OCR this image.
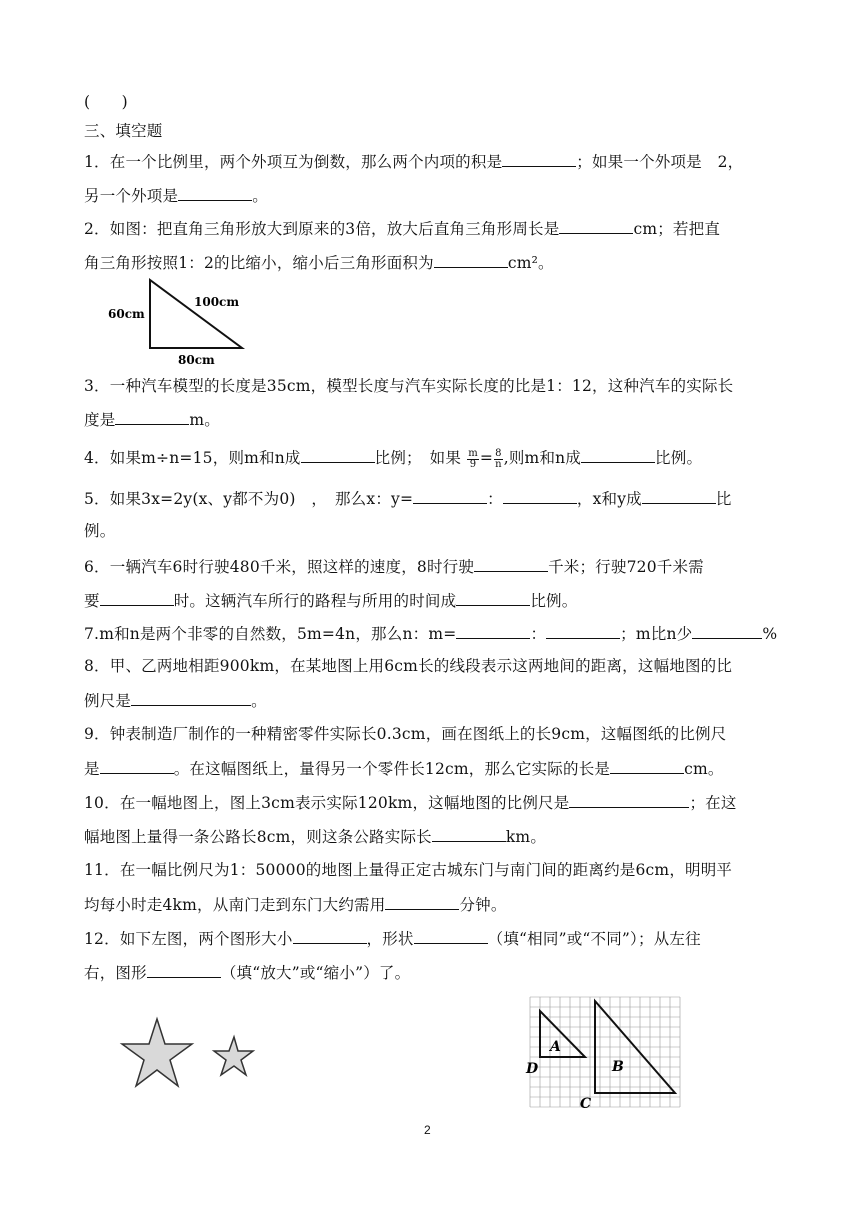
(　　)
三、填空题
1．在一个比例里，两个外项互为倒数，那么两个内项的积是	；如果一个外项是　2，
另一个外项是	。
2．如图：把直角三角形放大到原来的3倍，放大后直角三角形周长是	cm；若把直
角三角形按照1：2的比缩小，缩小后三角形面积为	cm²。
60cm
100cm
80cm
3．一种汽车模型的长度是35cm，模型长度与汽车实际长度的比是1：12，这种汽车的实际长
度是	m。
4．如果m÷n=15，则m和n成	比例；　如果 $\frac{m}{9} = \frac{8}{n}$ ,则m和n成	比例。
5．如果3x=2y(x、y都不为0)　，　那么x：y=	：	，x和y成	比
例。
6．一辆汽车6时行驶480千米，照这样的速度，8时行驶	千米；行驶720千米需
要	时。这辆汽车所行的路程与所用的时间成	比例。
7.m和n是两个非零的自然数，5m=4n，那么n：m=	：	；m比n少	%
8．甲、乙两地相距900km，在某地图上用6cm长的线段表示这两地间的距离，这幅地图的比
例尺是	。
9．钟表制造厂制作的一种精密零件实际长0.3cm，画在图纸上的长9cm，这幅图纸的比例尺
是	。在这幅图纸上，量得另一个零件长12cm，那么它实际的长是	cm。
10．在一幅地图上，图上3cm表示实际120km，这幅地图的比例尺是	；在这
幅地图上量得一条公路长8cm，则这条公路实际长	km。
11．在一幅比例尺为1：50000的地图上量得正定古城东门与南门间的距离约是6cm，明明平
均每小时走4km，从南门走到东门大约需用	分钟。
12．如下左图，两个图形大小	，形状	（填“相同”或“不同”）；从左往
右，图形	（填“放大”或“缩小”）了。
A
B
C
D
2
